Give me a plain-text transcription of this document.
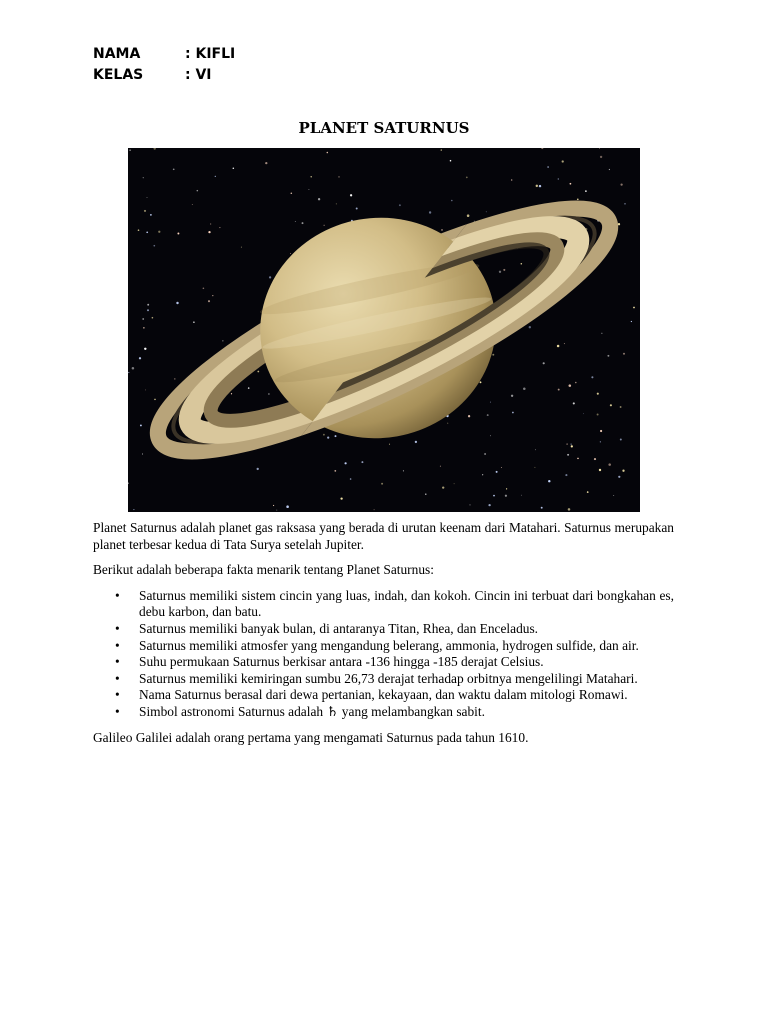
NAMA	: KIFLI
KELAS	: VI
PLANET SATURNUS

Planet Saturnus adalah planet gas raksasa yang berada di urutan keenam dari Matahari. Saturnus merupakan planet terbesar kedua di Tata Surya setelah Jupiter.

Berikut adalah beberapa fakta menarik tentang Planet Saturnus:

• Saturnus memiliki sistem cincin yang luas, indah, dan kokoh. Cincin ini terbuat dari bongkahan es, debu karbon, dan batu.
• Saturnus memiliki banyak bulan, di antaranya Titan, Rhea, dan Enceladus.
• Saturnus memiliki atmosfer yang mengandung belerang, ammonia, hydrogen sulfide, dan air.
• Suhu permukaan Saturnus berkisar antara -136 hingga -185 derajat Celsius.
• Saturnus memiliki kemiringan sumbu 26,73 derajat terhadap orbitnya mengelilingi Matahari.
• Nama Saturnus berasal dari dewa pertanian, kekayaan, dan waktu dalam mitologi Romawi.
• Simbol astronomi Saturnus adalah ♄ yang melambangkan sabit.

Galileo Galilei adalah orang pertama yang mengamati Saturnus pada tahun 1610.
